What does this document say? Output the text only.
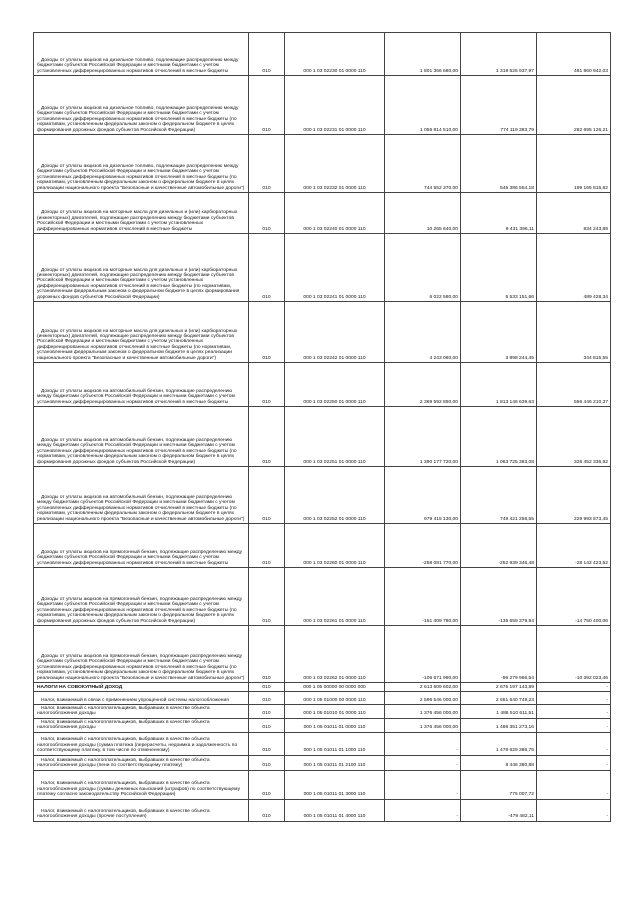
Доходы от уплаты акцизов на дизельное топливо, подлежащие распределению между бюджетами субъектов Российской Федерации и местными бюджетами с учетом установленных дифференцированных нормативов отчислений в местные бюджеты	010	000 1 03 02230 01 0000 110	1 801 366 680,00	1 319 525 937,97	481 860 942,03
Доходы от уплаты акцизов на дизельное топливо, подлежащие распределению между бюджетами субъектов Российской Федерации и местными бюджетами с учетом установленных дифференцированных нормативов отчислений в местные бюджеты (по нормативам, установленным федеральным законом о федеральном бюджете в целях формирования дорожных фондов субъектов Российской Федерации)	010	000 1 03 02231 01 0000 110	1 056 814 510,00	774 119 383,79	282 695 126,21
Доходы от уплаты акцизов на дизельное топливо, подлежащие распределению между бюджетами субъектов Российской Федерации и местными бюджетами с учетом установленных дифференцированных нормативов отчислений в местные бюджеты (по нормативам, установленным федеральным законом о федеральном бюджете в целях реализации национального проекта "Безопасные и качественные автомобильные дороги")	010	000 1 03 02232 01 0000 110	744 552 370,00	545 386 554,18	199 165 815,82
Доходы от уплаты акцизов на моторные масла для дизельных и (или) карбюраторных (инжекторных) двигателей, подлежащие распределению между бюджетами субъектов Российской Федерации и местными бюджетами с учетом установленных дифференцированных нормативов отчислений в местные бюджеты	010	000 1 03 02240 01 0000 110	10 265 640,00	9 431 396,11	834 243,89
Доходы от уплаты акцизов на моторные масла для дизельных и (или) карбюраторных (инжекторных) двигателей, подлежащие распределению между бюджетами субъектов Российской Федерации и местными бюджетами с учетом установленных дифференцированных нормативов отчислений в местные бюджеты (по нормативам, установленным федеральным законом о федеральном бюджете в целях формирования дорожных фондов субъектов Российской Федерации)	010	000 1 03 02241 01 0000 110	6 022 580,00	5 533 151,66	489 428,34
Доходы от уплаты акцизов на моторные масла для дизельных и (или) карбюраторных (инжекторных) двигателей, подлежащие распределению между бюджетами субъектов Российской Федерации и местными бюджетами с учетом установленных дифференцированных нормативов отчислений в местные бюджеты (по нормативам, установленным федеральным законом о федеральном бюджете в целях реализации национального проекта "Безопасные и качественные автомобильные дороги")	010	000 1 03 02242 01 0000 110	4 243 060,00	3 898 244,45	344 815,55
Доходы от уплаты акцизов на автомобильный бензин, подлежащие распределению между бюджетами субъектов Российской Федерации и местными бюджетами с учетом установленных дифференцированных нормативов отчислений в местные бюджеты	010	000 1 03 02250 01 0000 110	2 369 592 850,00	1 813 146 639,63	556 446 210,37
Доходы от уплаты акцизов на автомобильный бензин, подлежащие распределению между бюджетами субъектов Российской Федерации и местными бюджетами с учетом установленных дифференцированных нормативов отчислений в местные бюджеты (по нормативам, установленным федеральным законом о федеральном бюджете в целях формирования дорожных фондов субъектов Российской Федерации)	010	000 1 03 02251 01 0000 110	1 390 177 720,00	1 063 725 383,08	326 452 336,92
Доходы от уплаты акцизов на автомобильный бензин, подлежащие распределению между бюджетами субъектов Российской Федерации и местными бюджетами с учетом установленных дифференцированных нормативов отчислений в местные бюджеты (по нормативам, установленным федеральным законом о федеральном бюджете в целях реализации национального проекта "Безопасные и качественные автомобильные дороги")	010	000 1 03 02252 01 0000 110	979 415 130,00	749 421 256,55	229 993 873,45
Доходы от уплаты акцизов на прямогонный бензин, подлежащие распределению между бюджетами субъектов Российской Федерации и местными бюджетами с учетом установленных дифференцированных нормативов отчислений в местные бюджеты	010	000 1 03 02260 01 0000 110	-258 081 770,00	-252 939 346,48	-28 142 423,52
Доходы от уплаты акцизов на прямогонный бензин, подлежащие распределению между бюджетами субъектов Российской Федерации и местными бюджетами с учетом установленных дифференцированных нормативов отчислений в местные бюджеты (по нормативам, установленным федеральным законом о федеральном бюджете в целях формирования дорожных фондов субъектов Российской Федерации)	010	000 1 03 02261 01 0000 110	-151 409 780,00	-136 659 379,94	-14 750 400,06
Доходы от уплаты акцизов на прямогонный бензин, подлежащие распределению между бюджетами субъектов Российской Федерации и местными бюджетами с учетом установленных дифференцированных нормативов отчислений в местные бюджеты (по нормативам, установленным федеральным законом о федеральном бюджете в целях реализации национального проекта "Безопасные и качественные автомобильные дороги")	010	000 1 03 02262 01 0000 110	-106 671 990,00	-96 279 966,54	-10 392 023,46
НАЛОГИ НА СОВОКУПНЫЙ ДОХОД	010	000 1 05 00000 00 0000 000	2 613 609 602,00	2 675 197 143,89	-
Налог, взимаемый в связи с применением упрощенной системы налогообложения	010	000 1 05 01000 00 0000 110	2 596 546 000,00	2 651 640 749,23	-
Налог, взимаемый с налогоплательщиков, выбравших в качестве объекта налогообложения доходы	010	000 1 05 01010 01 0000 110	1 376 456 000,00	1 486 510 611,51	-
Налог, взимаемый с налогоплательщиков, выбравших в качестве объекта налогообложения доходы	010	000 1 05 01011 01 0000 110	1 376 456 000,00	1 486 351 273,16	-
Налог, взимаемый с налогоплательщиков, выбравших в качестве объекта налогообложения доходы (сумма платежа (перерасчеты, недоимка и задолженность по соответствующему платежу, в том числе по отмененному)	010	000 1 05 01011 01 1000 110	-	1 478 629 386,75	-
Налог, взимаемый с налогоплательщиков, выбравших в качестве объекта налогообложения доходы (пени по соответствующему платежу)	010	000 1 05 01011 01 2100 110	-	8 446 380,88	-
Налог, взимаемый с налогоплательщиков, выбравших в качестве объекта налогообложения доходы (суммы денежных взысканий (штрафов) по соответствующему платежу согласно законодательству Российской Федерации)	010	000 1 05 01011 01 3000 110	-	775 007,72	-
Налог, взимаемый с налогоплательщиков, выбравших в качестве объекта налогообложения доходы (прочие поступления)	010	000 1 05 01011 01 4000 110	-	-479 482,11	-
